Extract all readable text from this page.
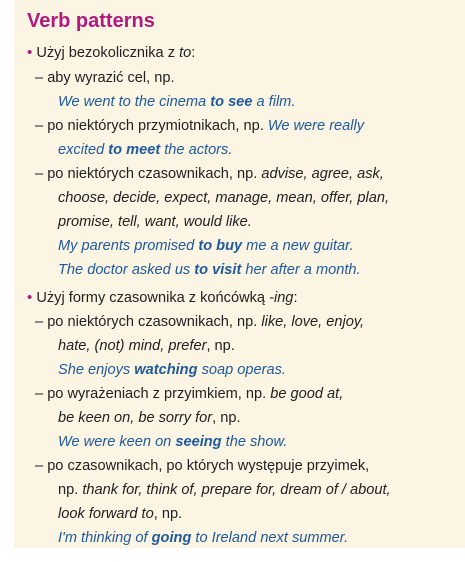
Verb patterns
• Użyj bezokolicznika z to:
– aby wyrazić cel, np.
We went to the cinema to see a film.
– po niektórych przymiotnikach, np. We were really
excited to meet the actors.
– po niektórych czasownikach, np. advise, agree, ask,
choose, decide, expect, manage, mean, offer, plan,
promise, tell, want, would like.
My parents promised to buy me a new guitar.
The doctor asked us to visit her after a month.
• Użyj formy czasownika z końcówką -ing:
– po niektórych czasownikach, np. like, love, enjoy,
hate, (not) mind, prefer, np.
She enjoys watching soap operas.
– po wyrażeniach z przyimkiem, np. be good at,
be keen on, be sorry for, np.
We were keen on seeing the show.
– po czasownikach, po których występuje przyimek,
np. thank for, think of, prepare for, dream of / about,
look forward to, np.
I'm thinking of going to Ireland next summer.
